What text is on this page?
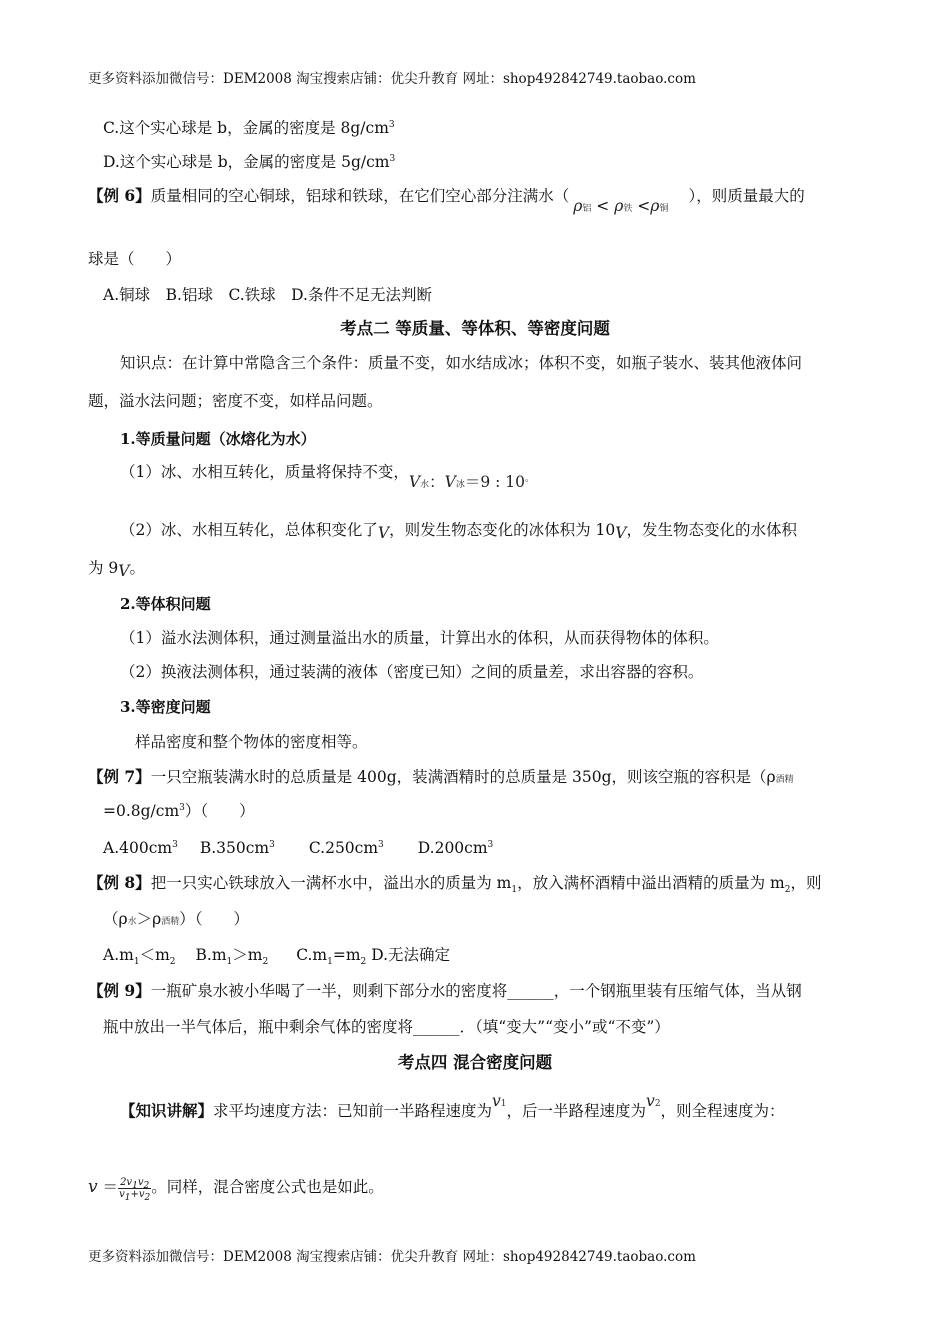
更多资料添加微信号：DEM2008 淘宝搜索店铺：优尖升教育 网址：shop492842749.taobao.com
C.这个实心球是 b，金属的密度是 $8g/cm^3$
D.这个实心球是 b，金属的密度是 $5g/cm^3$
【例 6】质量相同的空心铜球，铝球和铁球，在它们空心部分注满水（ρ铝 < ρ铁 <ρ铜），则质量最大的
球是（　　）
A.铜球　B.铝球　C.铁球　D.条件不足无法判断
考点二 等质量、等体积、等密度问题
知识点：在计算中常隐含三个条件：质量不变，如水结成冰；体积不变，如瓶子装水、装其他液体问
题，溢水法问题；密度不变，如样品问题。
1.等质量问题（冰熔化为水）
（1）冰、水相互转化，质量将保持不变，V水：V冰＝9 : 10。
（2）冰、水相互转化，总体积变化了V，则发生物态变化的冰体积为 10V，发生物态变化的水体积
为 9V。
2.等体积问题
（1）溢水法测体积，通过测量溢出水的质量，计算出水的体积，从而获得物体的体积。
（2）换液法测体积，通过装满的液体（密度已知）之间的质量差，求出容器的容积。
3.等密度问题
样品密度和整个物体的密度相等。
【例 7】一只空瓶装满水时的总质量是 400g，装满酒精时的总质量是 350g，则该空瓶的容积是（ρ酒精
$=0.8g/cm^3$）（　　）
$A.400cm^3$ $B.350cm^3$ $C.250cm^3$ $D.200cm^3$
【例 8】把一只实心铁球放入一满杯水中，溢出水的质量为 $m_1$，放入满杯酒精中溢出酒精的质量为 $m_2$，则
（ρ水＞ρ酒精）（　　）
$A.m_1<m_2$ $B.m_1>m_2$ $C.m_1=m_2$ D.无法确定
【例 9】一瓶矿泉水被小华喝了一半，则剩下部分水的密度将______，一个钢瓶里装有压缩气体，当从钢
瓶中放出一半气体后，瓶中剩余气体的密度将______．（填“变大”“变小”或“不变”）
考点四 混合密度问题
【知识讲解】求平均速度方法：已知前一半路程速度为v1，后一半路程速度为v2，则全程速度为：
$v = \frac{2v_1v_2}{v_1+v_2}$ 。同样，混合密度公式也是如此。
更多资料添加微信号：DEM2008 淘宝搜索店铺：优尖升教育 网址：shop492842749.taobao.com
